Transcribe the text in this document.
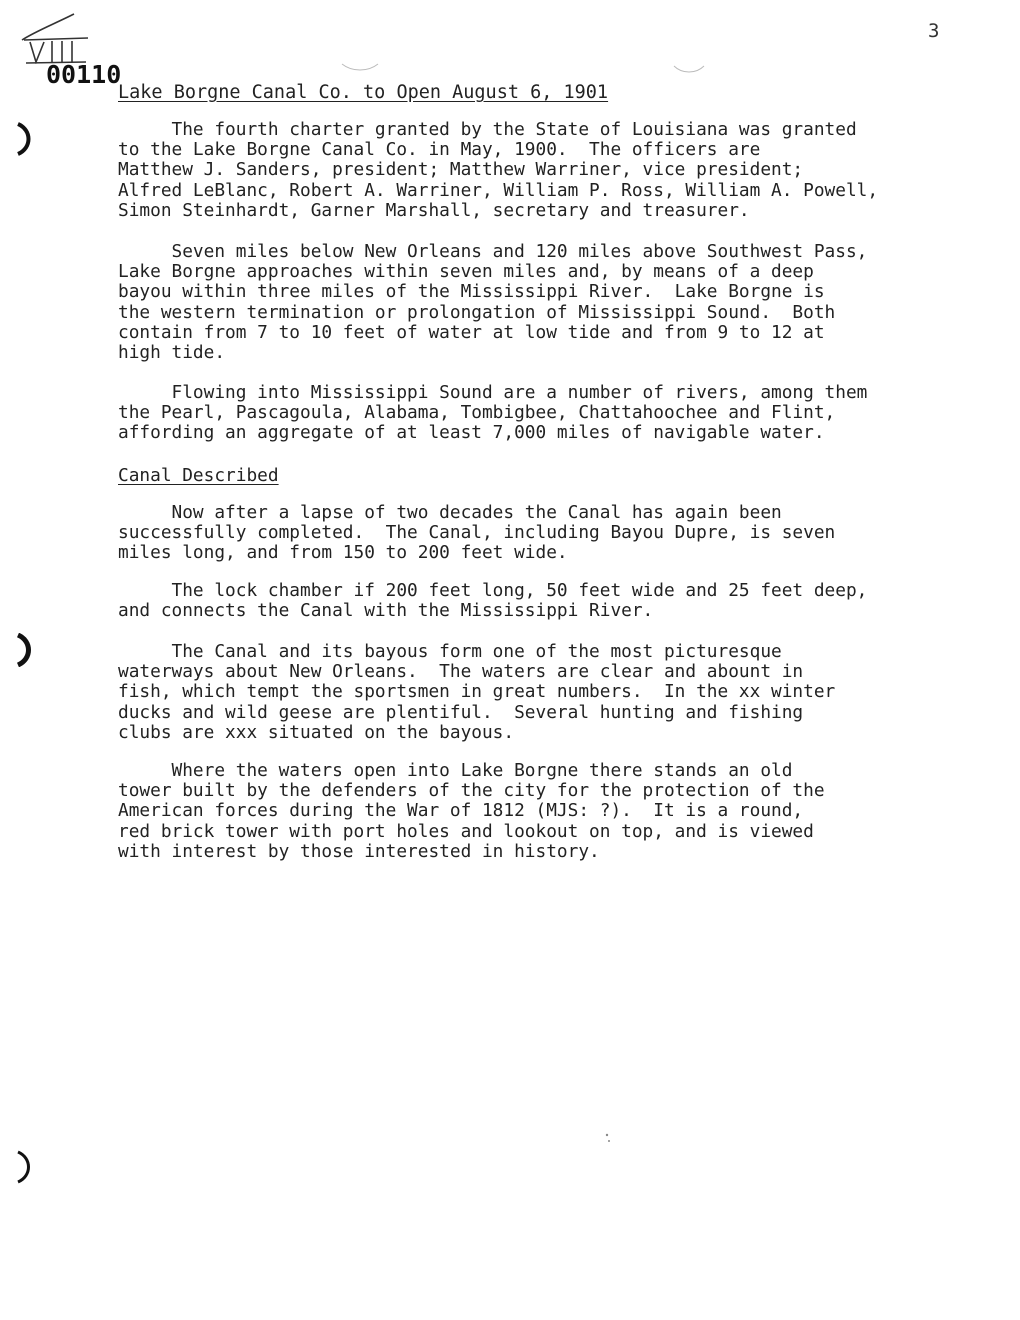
3
00110
Lake Borgne Canal Co. to Open August 6, 1901
The fourth charter granted by the State of Louisiana was granted
to the Lake Borgne Canal Co. in May, 1900.  The officers are
Matthew J. Sanders, president; Matthew Warriner, vice president;
Alfred LeBlanc, Robert A. Warriner, William P. Ross, William A. Powell,
Simon Steinhardt, Garner Marshall, secretary and treasurer.
Seven miles below New Orleans and 120 miles above Southwest Pass,
Lake Borgne approaches within seven miles and, by means of a deep
bayou within three miles of the Mississippi River.  Lake Borgne is
the western termination or prolongation of Mississippi Sound.  Both
contain from 7 to 10 feet of water at low tide and from 9 to 12 at
high tide.
Flowing into Mississippi Sound are a number of rivers, among them
the Pearl, Pascagoula, Alabama, Tombigbee, Chattahoochee and Flint,
affording an aggregate of at least 7,000 miles of navigable water.
Canal Described
Now after a lapse of two decades the Canal has again been
successfully completed.  The Canal, including Bayou Dupre, is seven
miles long, and from 150 to 200 feet wide.
The lock chamber if 200 feet long, 50 feet wide and 25 feet deep,
and connects the Canal with the Mississippi River.
The Canal and its bayous form one of the most picturesque
waterways about New Orleans.  The waters are clear and abount in
fish, which tempt the sportsmen in great numbers.  In the xx winter
ducks and wild geese are plentiful.  Several hunting and fishing
clubs are xxx situated on the bayous.
Where the waters open into Lake Borgne there stands an old
tower built by the defenders of the city for the protection of the
American forces during the War of 1812 (MJS: ?).  It is a round,
red brick tower with port holes and lookout on top, and is viewed
with interest by those interested in history.
